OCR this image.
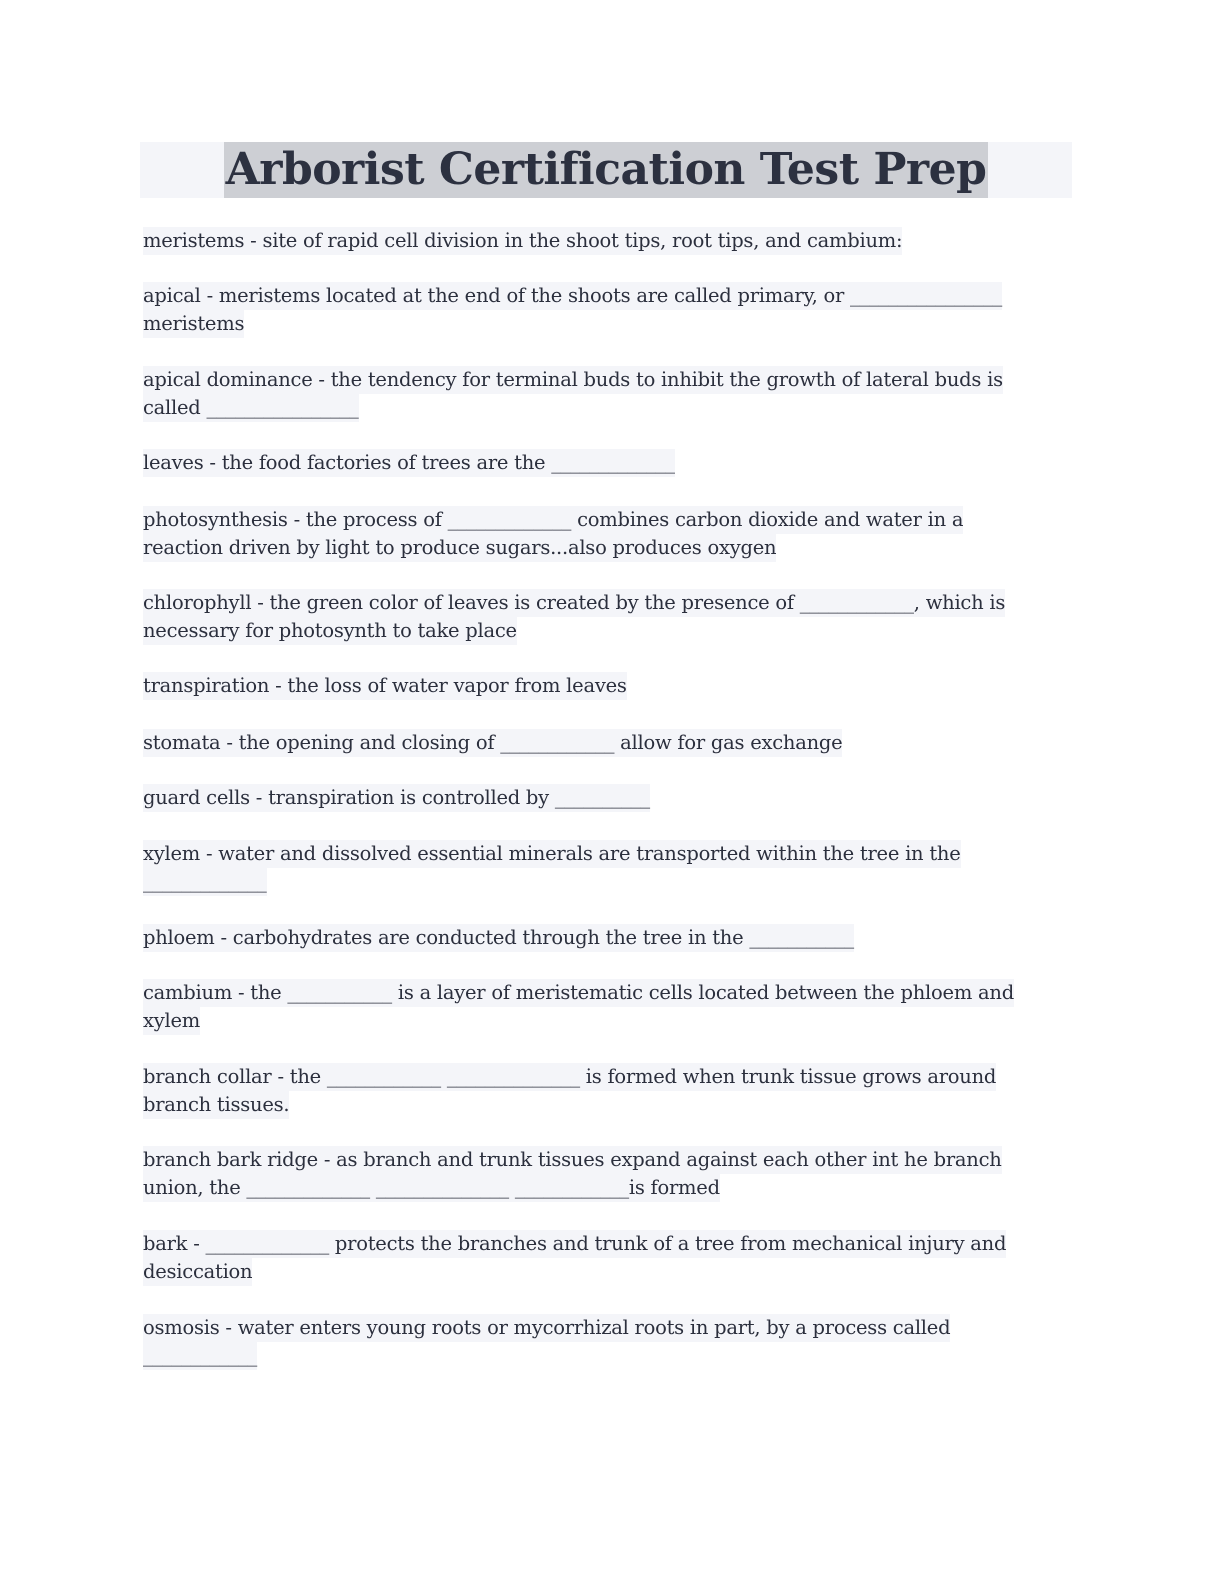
Arborist Certification Test Prep
meristems - site of rapid cell division in the shoot tips, root tips, and cambium:
apical - meristems located at the end of the shoots are called primary, or ________________
meristems
apical dominance - the tendency for terminal buds to inhibit the growth of lateral buds is
called ________________
leaves - the food factories of trees are the _____________
photosynthesis - the process of _____________ combines carbon dioxide and water in a
reaction driven by light to produce sugars...also produces oxygen
chlorophyll - the green color of leaves is created by the presence of ____________, which is
necessary for photosynth to take place
transpiration - the loss of water vapor from leaves
stomata - the opening and closing of ____________ allow for gas exchange
guard cells - transpiration is controlled by __________
xylem - water and dissolved essential minerals are transported within the tree in the
_____________
phloem - carbohydrates are conducted through the tree in the ___________
cambium - the ___________ is a layer of meristematic cells located between the phloem and
xylem
branch collar - the ____________ ______________ is formed when trunk tissue grows around
branch tissues.
branch bark ridge - as branch and trunk tissues expand against each other int he branch
union, the _____________ ______________ ____________is formed
bark - _____________ protects the branches and trunk of a tree from mechanical injury and
desiccation
osmosis - water enters young roots or mycorrhizal roots in part, by a process called
____________
